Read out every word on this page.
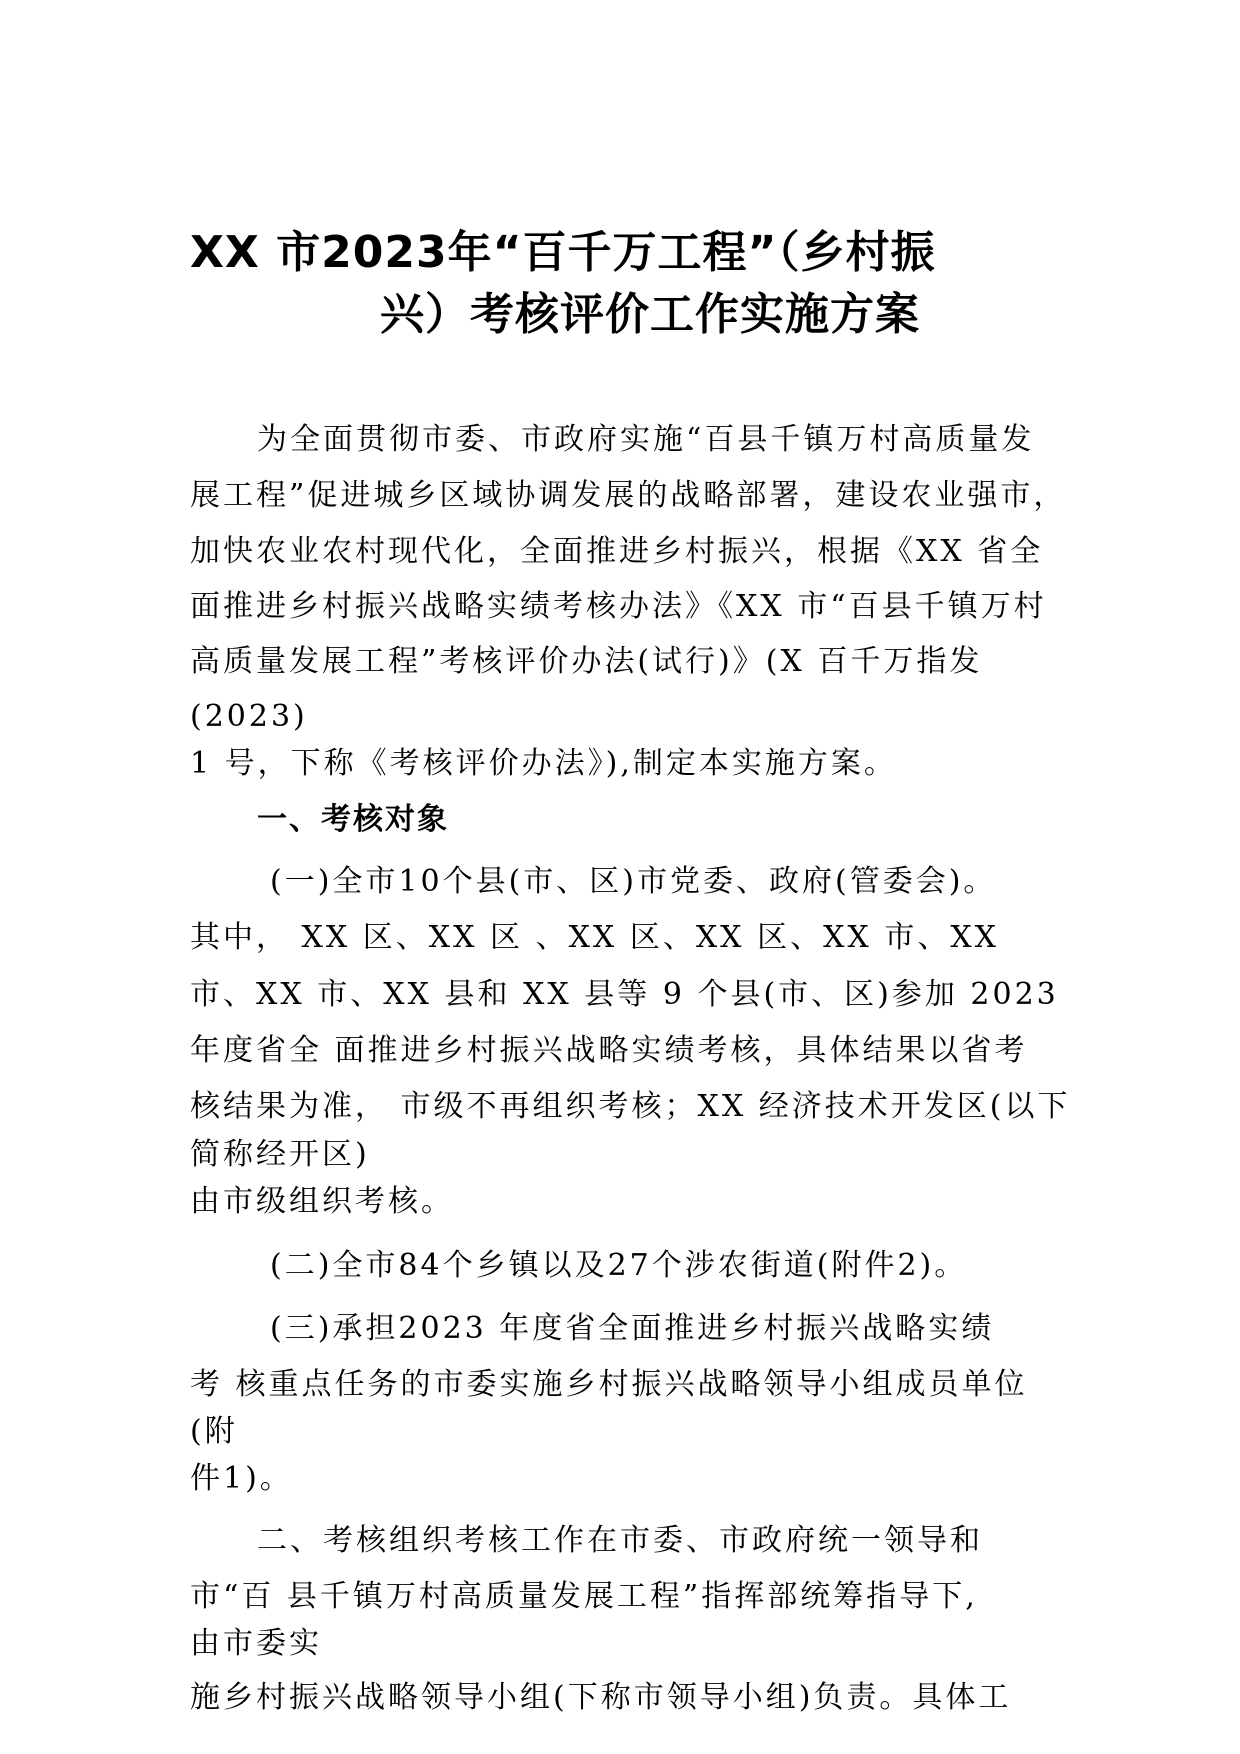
XX 市2023年“百千万工程”（乡村振
兴）考核评价工作实施方案
为全面贯彻市委、市政府实施“百县千镇万村高质量发
展工程”促进城乡区域协调发展的战略部署，建设农业强市，
加快农业农村现代化，全面推进乡村振兴，根据《XX 省全
面推进乡村振兴战略实绩考核办法》《XX 市“百县千镇万村
高质量发展工程”考核评价办法(试行)》(X 百千万指发
(2023)
1 号，下称《考核评价办法》),制定本实施方案。
一、考核对象
(一)全市10个县(市、区)市党委、政府(管委会)。
其中， XX 区、XX 区 、XX 区、XX 区、XX 市、XX
市、XX 市、XX 县和 XX 县等 9 个县(市、区)参加 2023
年度省全 面推进乡村振兴战略实绩考核，具体结果以省考
核结果为准， 市级不再组织考核；XX 经济技术开发区(以下
简称经开区)
由市级组织考核。
(二)全市84个乡镇以及27个涉农街道(附件2)。
(三)承担2023 年度省全面推进乡村振兴战略实绩
考 核重点任务的市委实施乡村振兴战略领导小组成员单位
(附
件1)。
二、考核组织考核工作在市委、市政府统一领导和
市“百 县千镇万村高质量发展工程”指挥部统筹指导下,
由市委实
施乡村振兴战略领导小组(下称市领导小组)负责。具体工
